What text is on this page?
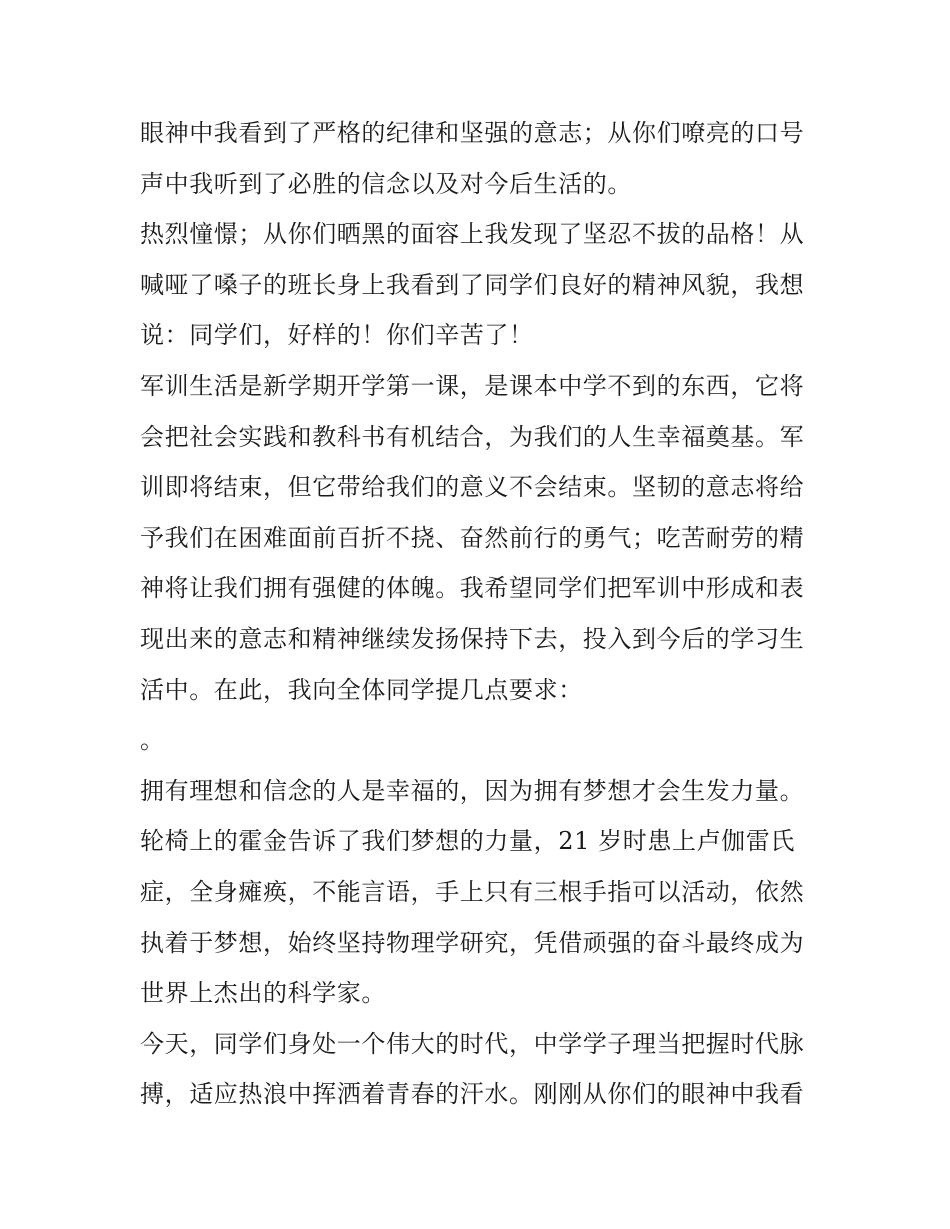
眼神中我看到了严格的纪律和坚强的意志；从你们嘹亮的口号
声中我听到了必胜的信念以及对今后生活的。
热烈憧憬；从你们晒黑的面容上我发现了坚忍不拔的品格！从
喊哑了嗓子的班长身上我看到了同学们良好的精神风貌，我想
说：同学们，好样的！你们辛苦了！
军训生活是新学期开学第一课，是课本中学不到的东西，它将
会把社会实践和教科书有机结合，为我们的人生幸福奠基。军
训即将结束，但它带给我们的意义不会结束。坚韧的意志将给
予我们在困难面前百折不挠、奋然前行的勇气；吃苦耐劳的精
神将让我们拥有强健的体魄。我希望同学们把军训中形成和表
现出来的意志和精神继续发扬保持下去，投入到今后的学习生
活中。在此，我向全体同学提几点要求：
。
拥有理想和信念的人是幸福的，因为拥有梦想才会生发力量。
轮椅上的霍金告诉了我们梦想的力量，21 岁时患上卢伽雷氏
症，全身瘫痪，不能言语，手上只有三根手指可以活动，依然
执着于梦想，始终坚持物理学研究，凭借顽强的奋斗最终成为
世界上杰出的科学家。
今天，同学们身处一个伟大的时代，中学学子理当把握时代脉
搏，适应热浪中挥洒着青春的汗水。刚刚从你们的眼神中我看
